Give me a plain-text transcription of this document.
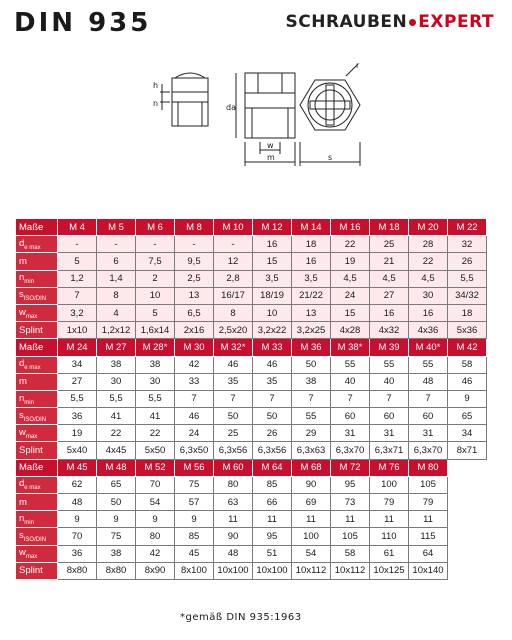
DIN 935	SCHRAUBEN EXPERT
n
h
da
w
m	s
r
Maße	M 4	M 5	M 6	M 8	M 10	M 12	M 14	M 16	M 18	M 20	M 22
$d_{e max}$	-	-	-	-	-	16	18	22	25	28	32
m	5	6	7,5	9,5	12	15	16	19	21	22	26
$n_{min}$	1,2	1,4	2	2,5	2,8	3,5	3,5	4,5	4,5	4,5	5,5
$s_{ISO/DIN}$	7	8	10	13	16/17	18/19	21/22	24	27	30	34/32
$w_{max}$	3,2	4	5	6,5	8	10	13	15	16	16	18
Splint	1x10	1,2x12	1,6x14	2x16	2,5x20	3,2x22	3,2x25	4x28	4x32	4x36	5x36
Maße	M 24	M 27	M 28*	M 30	M 32*	M 33	M 36	M 38*	M 39	M 40*	M 42
$d_{e max}$	34	38	38	42	46	46	50	55	55	55	58
m	27	30	30	33	35	35	38	40	40	48	46
$n_{min}$	5,5	5,5	5,5	7	7	7	7	7	7	7	9
$s_{ISO/DIN}$	36	41	41	46	50	50	55	60	60	60	65
$w_{max}$	19	22	22	24	25	26	29	31	31	31	34
Splint	5x40	4x45	5x50	6,3x50	6,3x56	6,3x56	6,3x63	6,3x70	6,3x71	6,3x70	8x71
Maße	M 45	M 48	M 52	M 56	M 60	M 64	M 68	M 72	M 76	M 80	
$d_{e max}$	62	65	70	75	80	85	90	95	100	105	
m	48	50	54	57	63	66	69	73	79	79	
$n_{min}$	9	9	9	9	11	11	11	11	11	11	
$s_{ISO/DIN}$	70	75	80	85	90	95	100	105	110	115	
$w_{max}$	36	38	42	45	48	51	54	58	61	64	
Splint	8x80	8x80	8x90	8x100	10x100	10x100	10x112	10x112	10x125	10x140	
*gemäß DIN 935:1963
